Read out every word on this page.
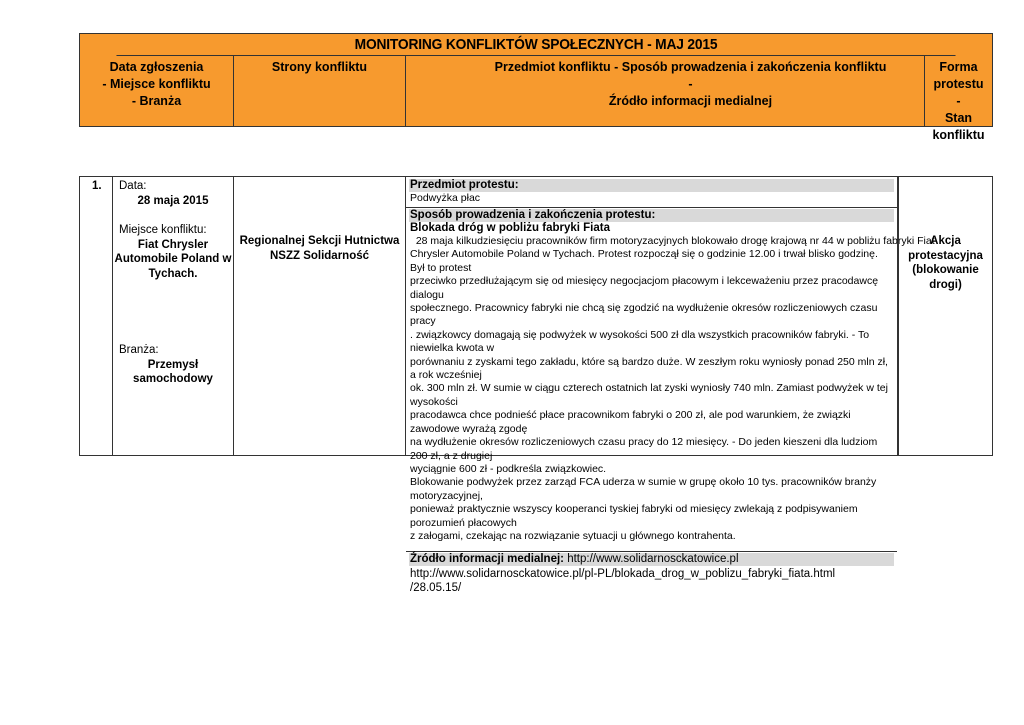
MONITORING KONFLIKTÓW SPOŁECZNYCH - MAJ 2015
Data zgłoszenia
- Miejsce konfliktu
- Branża
Strony konfliktu	Przedmiot konfliktu - Sposób prowadzenia i zakończenia konfliktu
-
Źródło informacji medialnej
Forma
protestu
-
Stan konfliktu
1.	Data:
28 maja 2015
Miejsce konfliktu:
Fiat Chrysler
Automobile Poland w
Tychach.
Branża:
Przemysł
samochodowy
Regionalnej Sekcji Hutnictwa
NSZZ Solidarność
Przedmiot protestu:
Podwyżka płac
Sposób prowadzenia i zakończenia protestu:
Blokada dróg w pobliżu fabryki Fiata
28 maja kilkudziesięciu pracowników firm motoryzacyjnych blokowało drogę krajową nr 44 w pobliżu fabryki Fiat
Chrysler Automobile Poland w Tychach. Protest rozpoczął się o godzinie 12.00 i trwał blisko godzinę. Był to protest
przeciwko przedłużającym się od miesięcy negocjacjom płacowym i lekceważeniu przez pracodawcę dialogu
społecznego. Pracownicy fabryki nie chcą się zgodzić na wydłużenie okresów rozliczeniowych czasu pracy
. związkowcy domagają się podwyżek w wysokości 500 zł dla wszystkich pracowników fabryki. - To niewielka kwota w
porównaniu z zyskami tego zakładu, które są bardzo duże. W zeszłym roku wyniosły ponad 250 mln zł, a rok wcześniej
ok. 300 mln zł. W sumie w ciągu czterech ostatnich lat zyski wyniosły 740 mln. Zamiast podwyżek w tej wysokości
pracodawca chce podnieść płace pracownikom fabryki o 200 zł, ale pod warunkiem, że związki zawodowe wyrażą zgodę
na wydłużenie okresów rozliczeniowych czasu pracy do 12 miesięcy. - Do jeden kieszeni dla ludziom 200 zł, a z drugiej
wyciągnie 600 zł - podkreśla związkowiec.
Blokowanie podwyżek przez zarząd FCA uderza w sumie w grupę około 10 tys. pracowników branży motoryzacyjnej,
ponieważ praktycznie wszyscy kooperanci tyskiej fabryki od miesięcy zwlekają z podpisywaniem porozumień płacowych
z załogami, czekając na rozwiązanie sytuacji u głównego kontrahenta.
Źródło informacji medialnej: http://www.solidarnosckatowice.pl
http://www.solidarnosckatowice.pl/pl-PL/blokada_drog_w_poblizu_fabryki_fiata.html
/28.05.15/
Akcja
protestacyjna
(blokowanie
drogi)
